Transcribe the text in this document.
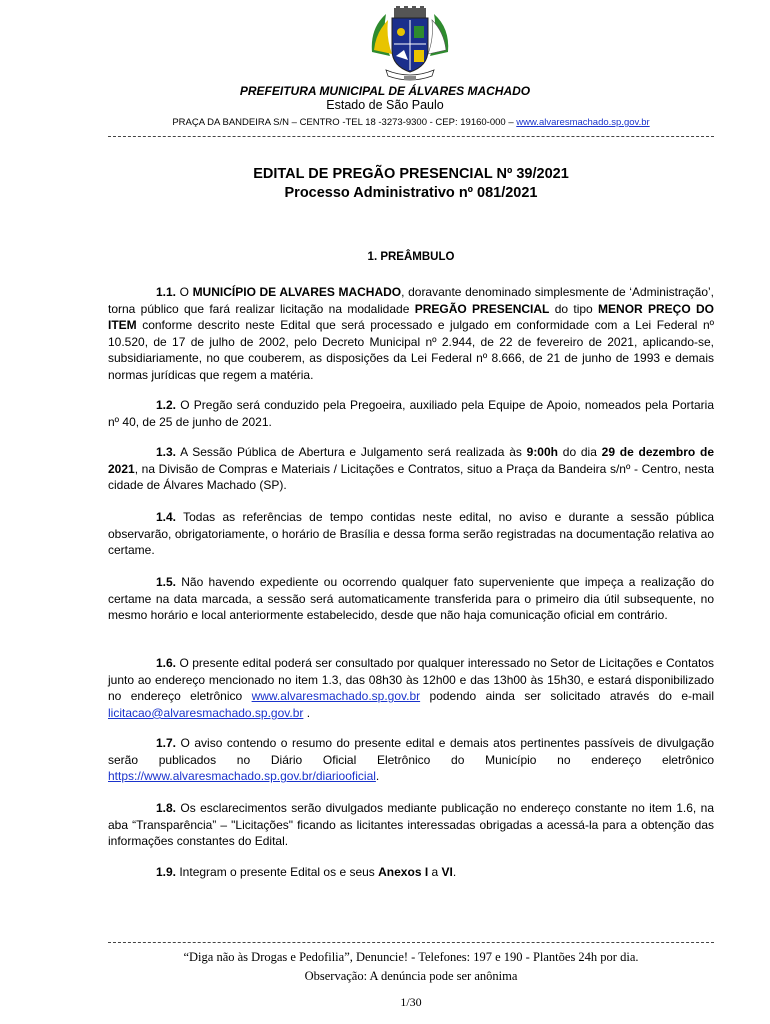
PREFEITURA MUNICIPAL DE ÁLVARES MACHADO
Estado de São Paulo
PRAÇA DA BANDEIRA S/N – CENTRO -TEL 18 -3273-9300 - CEP: 19160-000 – www.alvaresmachado.sp.gov.br
EDITAL DE PREGÃO PRESENCIAL Nº 39/2021
Processo Administrativo nº 081/2021
1. PREÂMBULO

1.1. O MUNICÍPIO DE ALVARES MACHADO, doravante denominado simplesmente de ‘Administração’, torna público que fará realizar licitação na modalidade PREGÃO PRESENCIAL do tipo MENOR PREÇO DO ITEM conforme descrito neste Edital que será processado e julgado em conformidade com a Lei Federal nº 10.520, de 17 de julho de 2002, pelo Decreto Municipal nº 2.944, de 22 de fevereiro de 2021, aplicando-se, subsidiariamente, no que couberem, as disposições da Lei Federal nº 8.666, de 21 de junho de 1993 e demais normas jurídicas que regem a matéria.

1.2. O Pregão será conduzido pela Pregoeira, auxiliado pela Equipe de Apoio, nomeados pela Portaria nº 40, de 25 de junho de 2021.

1.3. A Sessão Pública de Abertura e Julgamento será realizada às 9:00h do dia 29 de dezembro de 2021, na Divisão de Compras e Materiais / Licitações e Contratos, situo a Praça da Bandeira s/nº - Centro, nesta cidade de Álvares Machado (SP).

1.4. Todas as referências de tempo contidas neste edital, no aviso e durante a sessão pública observarão, obrigatoriamente, o horário de Brasília e dessa forma serão registradas na documentação relativa ao certame.

1.5. Não havendo expediente ou ocorrendo qualquer fato superveniente que impeça a realização do certame na data marcada, a sessão será automaticamente transferida para o primeiro dia útil subsequente, no mesmo horário e local anteriormente estabelecido, desde que não haja comunicação oficial em contrário.

1.6. O presente edital poderá ser consultado por qualquer interessado no Setor de Licitações e Contatos junto ao endereço mencionado no item 1.3, das 08h30 às 12h00 e das 13h00 às 15h30, e estará disponibilizado no endereço eletrônico www.alvaresmachado.sp.gov.br podendo ainda ser solicitado através do e-mail licitacao@alvaresmachado.sp.gov.br .

1.7. O aviso contendo o resumo do presente edital e demais atos pertinentes passíveis de divulgação serão publicados no Diário Oficial Eletrônico do Município no endereço eletrônico https://www.alvaresmachado.sp.gov.br/diariooficial.

1.8. Os esclarecimentos serão divulgados mediante publicação no endereço constante no item 1.6, na aba “Transparência” – "Licitações" ficando as licitantes interessadas obrigadas a acessá-la para a obtenção das informações constantes do Edital.

1.9. Integram o presente Edital os e seus Anexos I a VI.

“Diga não às Drogas e Pedofilia”, Denuncie! - Telefones: 197 e 190 - Plantões 24h por dia.
Observação: A denúncia pode ser anônima
1/30
